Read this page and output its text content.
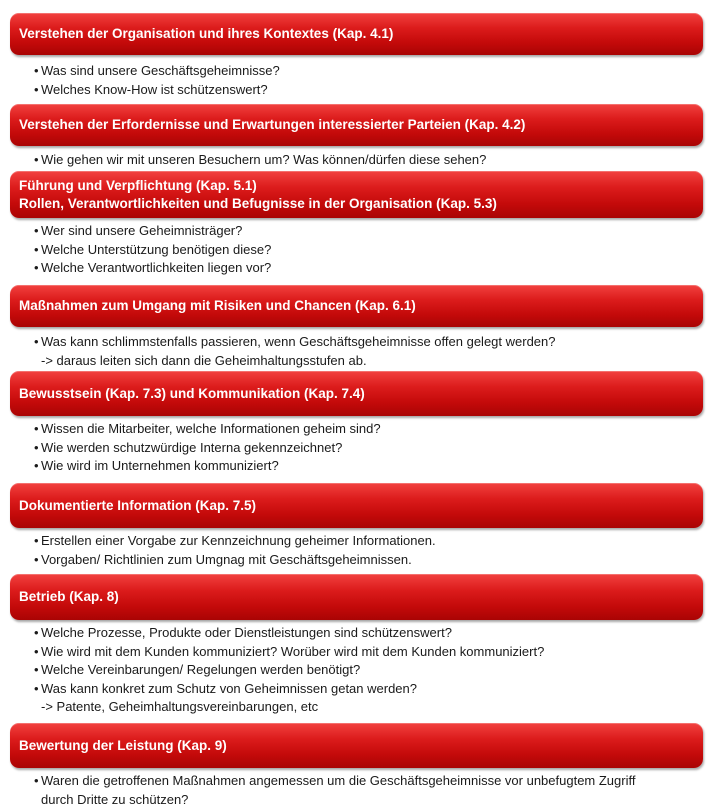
Verstehen der Organisation und ihres Kontextes (Kap. 4.1)
• Was sind unsere Geschäftsgeheimnisse?
• Welches Know-How ist schützenswert?
Verstehen der Erfordernisse und Erwartungen interessierter Parteien (Kap. 4.2)
• Wie gehen wir mit unseren Besuchern um? Was können/dürfen diese sehen?
Führung und Verpflichtung (Kap. 5.1)
Rollen, Verantwortlichkeiten und Befugnisse in der Organisation (Kap. 5.3)
• Wer sind unsere Geheimnisträger?
• Welche Unterstützung benötigen diese?
• Welche Verantwortlichkeiten liegen vor?
Maßnahmen zum Umgang mit Risiken und Chancen (Kap. 6.1)
• Was kann schlimmstenfalls passieren, wenn Geschäftsgeheimnisse offen gelegt werden?
-> daraus leiten sich dann die Geheimhaltungsstufen ab.
Bewusstsein (Kap. 7.3) und Kommunikation (Kap. 7.4)
• Wissen die Mitarbeiter, welche Informationen geheim sind?
• Wie werden schutzwürdige Interna gekennzeichnet?
• Wie wird im Unternehmen kommuniziert?
Dokumentierte Information (Kap. 7.5)
• Erstellen einer Vorgabe zur Kennzeichnung geheimer Informationen.
• Vorgaben/ Richtlinien zum Umgnag mit Geschäftsgeheimnissen.
Betrieb (Kap. 8)
• Welche Prozesse, Produkte oder Dienstleistungen sind schützenswert?
• Wie wird mit dem Kunden kommuniziert? Worüber wird mit dem Kunden kommuniziert?
• Welche Vereinbarungen/ Regelungen werden benötigt?
• Was kann konkret zum Schutz von Geheimnissen getan werden?
-> Patente, Geheimhaltungsvereinbarungen, etc
Bewertung der Leistung (Kap. 9)
• Waren die getroffenen Maßnahmen angemessen um die Geschäftsgeheimnisse vor unbefugtem Zugriff
durch Dritte zu schützen?
